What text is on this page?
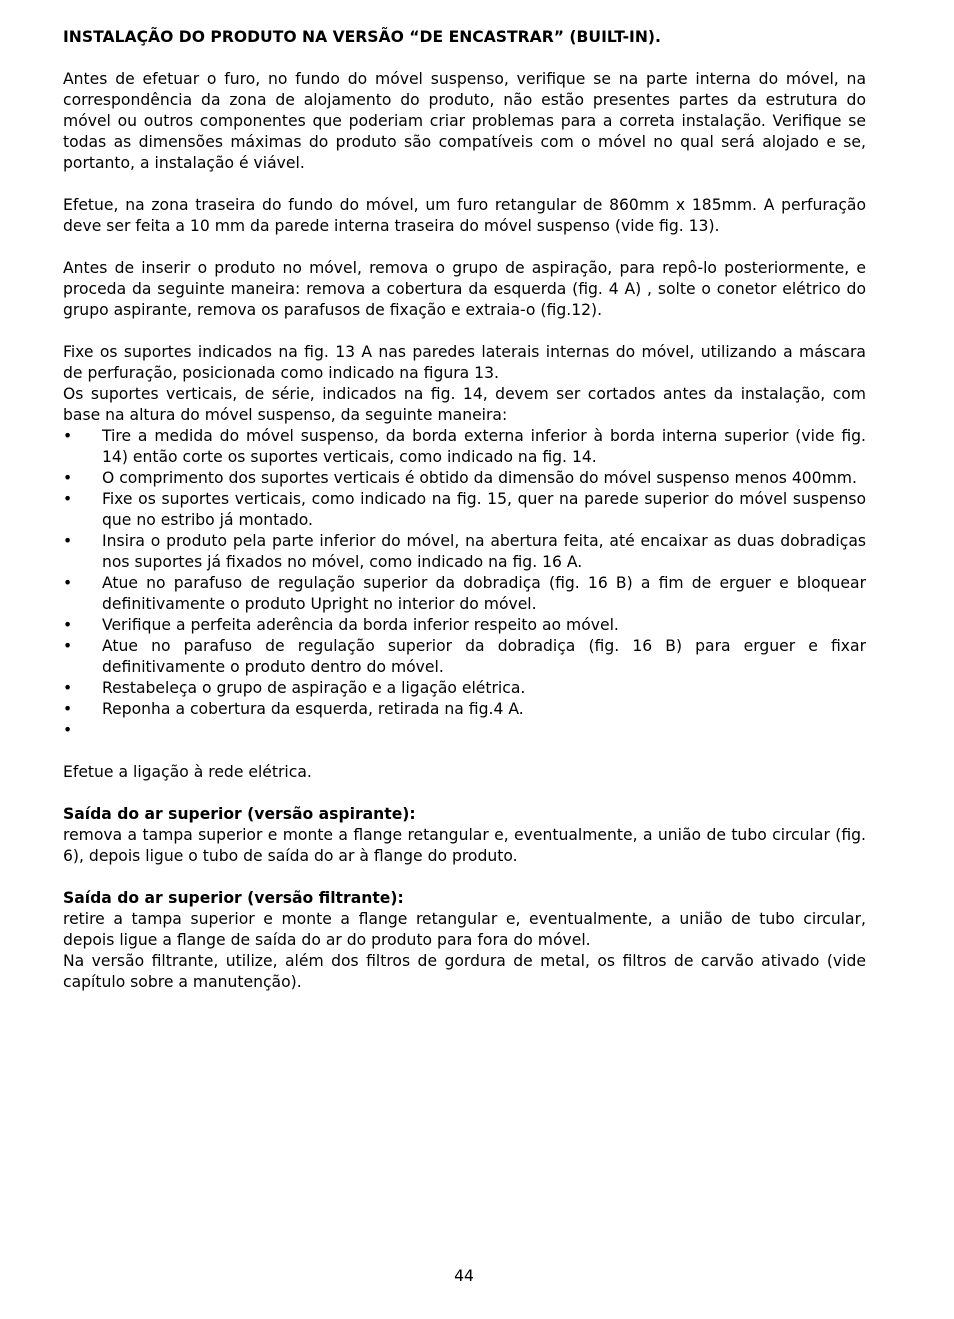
INSTALAÇÃO DO PRODUTO NA VERSÃO “DE ENCASTRAR” (BUILT-IN).

Antes de efetuar o furo, no fundo do móvel suspenso, verifique se na parte interna do móvel, na correspondência da zona de alojamento do produto, não estão presentes partes da estrutura do móvel ou outros componentes que poderiam criar problemas para a correta instalação. Verifique se todas as dimensões máximas do produto são compatíveis com o móvel no qual será alojado e se, portanto, a instalação é viável.

Efetue, na zona traseira do fundo do móvel, um furo retangular de 860mm x 185mm. A perfuração deve ser feita a 10 mm da parede interna traseira do móvel suspenso (vide fig. 13).

Antes de inserir o produto no móvel, remova o grupo de aspiração, para repô-lo posteriormente, e proceda da seguinte maneira: remova a cobertura da esquerda (fig. 4 A) , solte o conetor elétrico do grupo aspirante, remova os parafusos de fixação e extraia-o (fig.12).

Fixe os suportes indicados na fig. 13 A nas paredes laterais internas do móvel, utilizando a máscara de perfuração, posicionada como indicado na figura 13.

Os suportes verticais, de série, indicados na fig. 14, devem ser cortados antes da instalação, com base na altura do móvel suspenso, da seguinte maneira:

• Tire a medida do móvel suspenso, da borda externa inferior à borda interna superior (vide fig. 14) então corte os suportes verticais, como indicado na fig. 14.
• O comprimento dos suportes verticais é obtido da dimensão do móvel suspenso menos 400mm.
• Fixe os suportes verticais, como indicado na fig. 15, quer na parede superior do móvel suspenso que no estribo já montado.
• Insira o produto pela parte inferior do móvel, na abertura feita, até encaixar as duas dobradiças nos suportes já fixados no móvel, como indicado na fig. 16 A.
• Atue no parafuso de regulação superior da dobradiça (fig. 16 B) a fim de erguer e bloquear definitivamente o produto Upright no interior do móvel.
• Verifique a perfeita aderência da borda inferior respeito ao móvel.
• Atue no parafuso de regulação superior da dobradiça (fig. 16 B) para erguer e fixar definitivamente o produto dentro do móvel.
• Restabeleça o grupo de aspiração e a ligação elétrica.
• Reponha a cobertura da esquerda, retirada na fig.4 A.
•

Efetue a ligação à rede elétrica.

Saída do ar superior (versão aspirante):

remova a tampa superior e monte a flange retangular e, eventualmente, a união de tubo circular (fig. 6), depois ligue o tubo de saída do ar à flange do produto.

Saída do ar superior (versão filtrante):

retire a tampa superior e monte a flange retangular e, eventualmente, a união de tubo circular, depois ligue a flange de saída do ar do produto para fora do móvel.

Na versão filtrante, utilize, além dos filtros de gordura de metal, os filtros de carvão ativado (vide capítulo sobre a manutenção).

44
